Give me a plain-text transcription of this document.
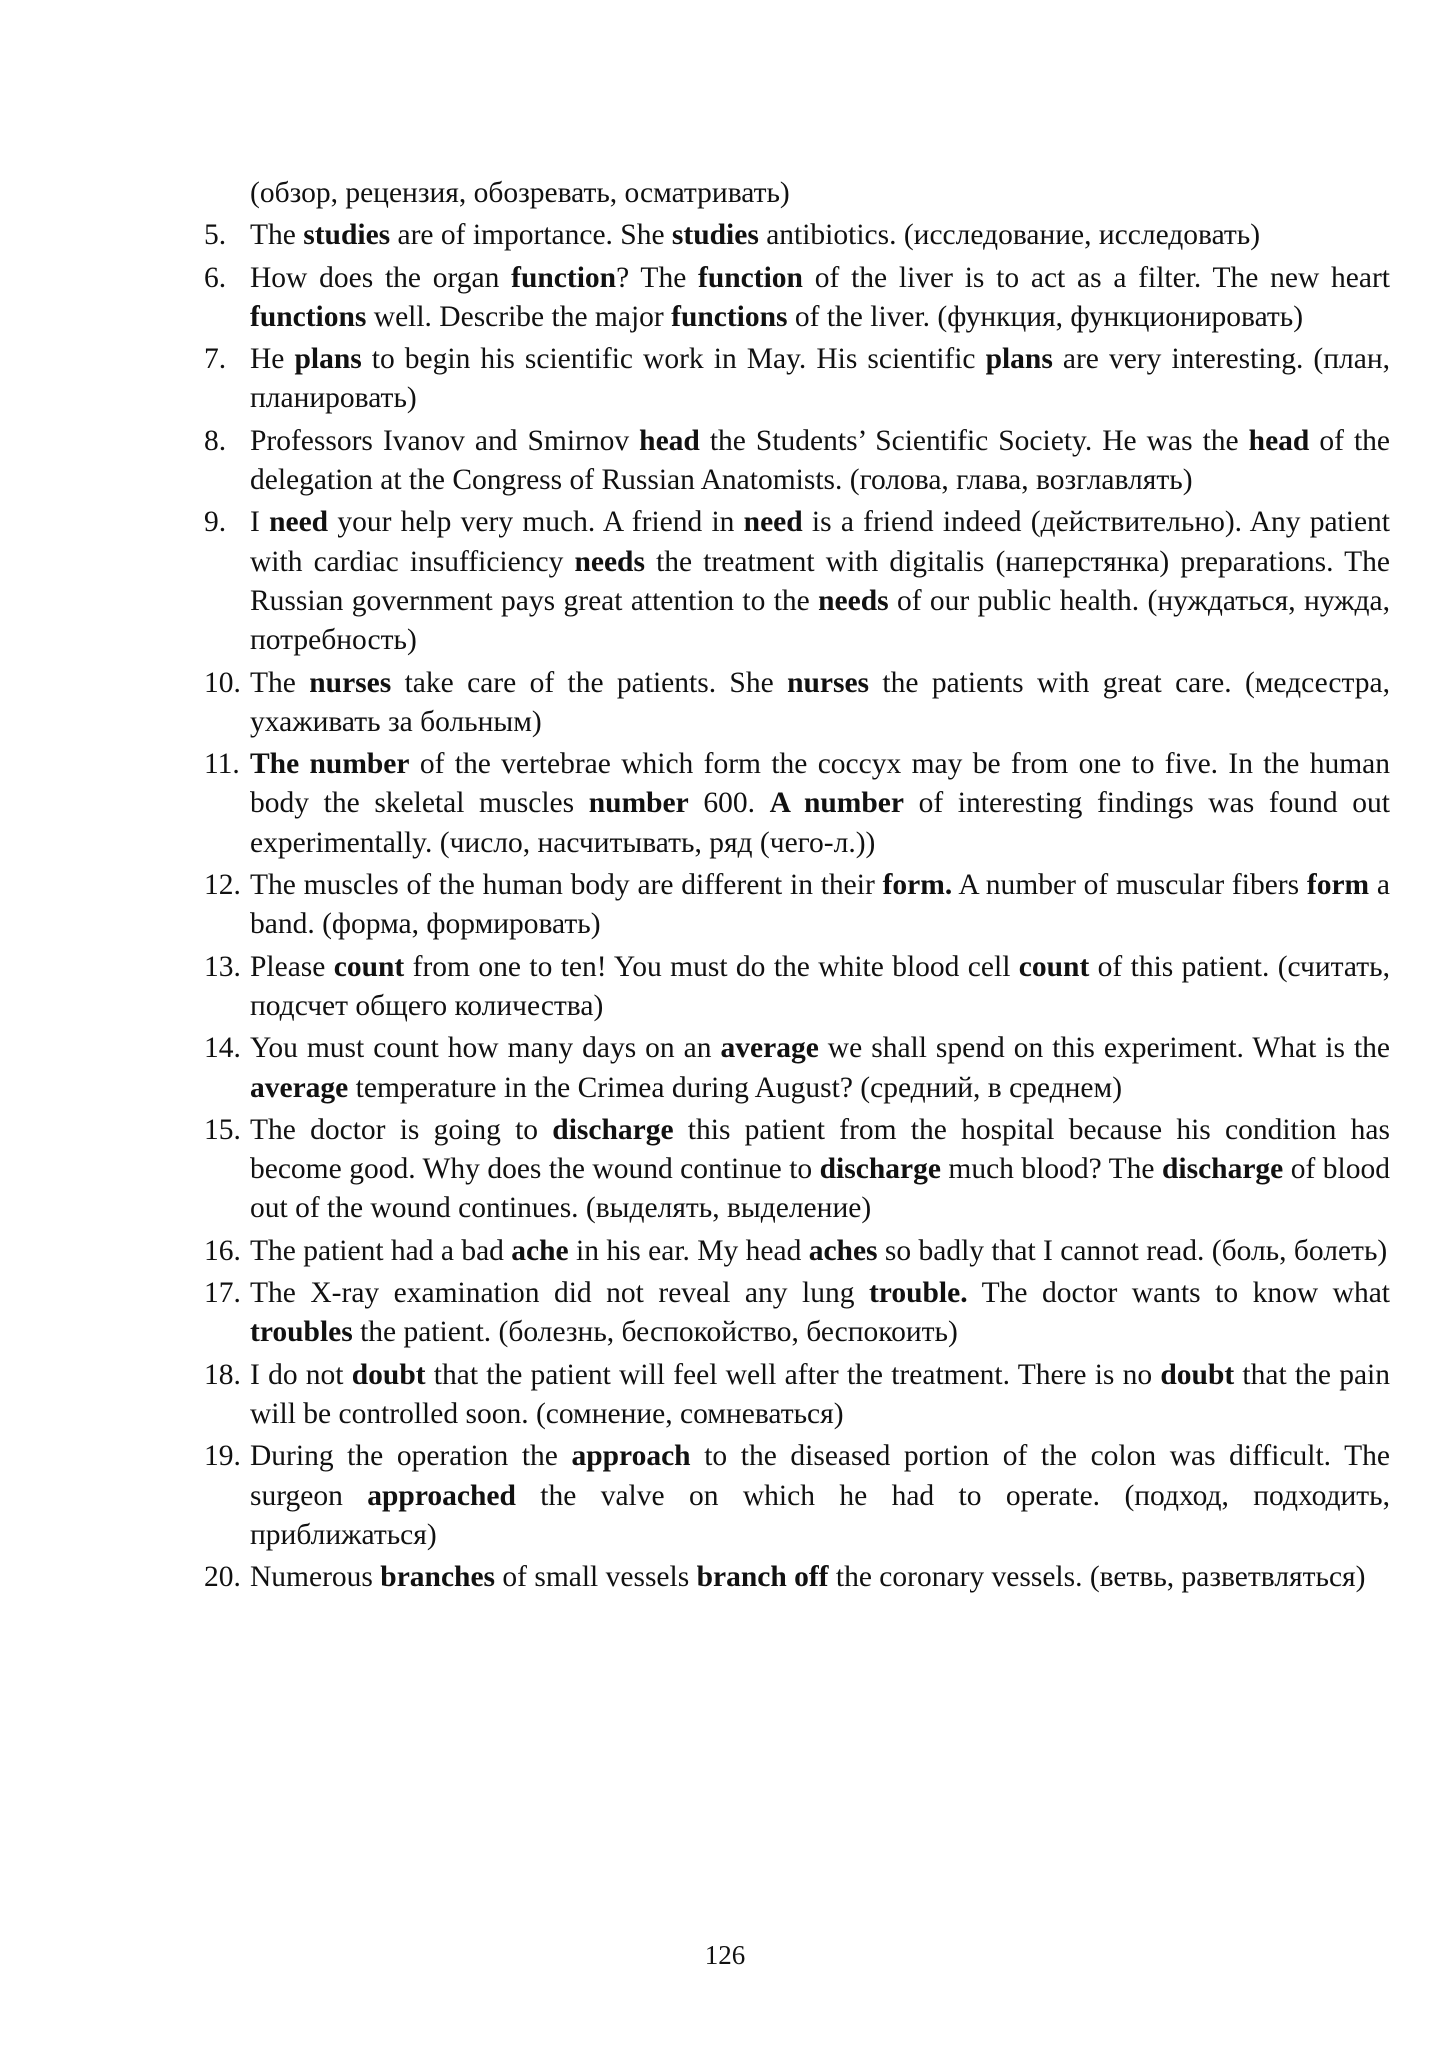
(обзор, рецензия, обозревать, осматривать)
5. The studies are of importance. She studies antibiotics. (исследование, исследовать)
6. How does the organ function? The function of the liver is to act as a filter. The new heart functions well. Describe the major functions of the liver. (функция, функционировать)
7. He plans to begin his scientific work in May. His scientific plans are very interesting. (план, планировать)
8. Professors Ivanov and Smirnov head the Students’ Scientific Society. He was the head of the delegation at the Congress of Russian Anatomists. (голова, глава, возглавлять)
9. I need your help very much. A friend in need is a friend indeed (действительно). Any patient with cardiac insufficiency needs the treatment with digitalis (наперстянка) preparations. The Russian government pays great attention to the needs of our public health. (нуждаться, нужда, потребность)
10. The nurses take care of the patients. She nurses the patients with great care. (медсестра, ухаживать за больным)
11. The number of the vertebrae which form the coccyx may be from one to five. In the human body the skeletal muscles number 600. A number of interesting findings was found out experimentally. (число, насчитывать, ряд (чего-л.))
12. The muscles of the human body are different in their form. A number of muscular fibers form a band. (форма, формировать)
13. Please count from one to ten! You must do the white blood cell count of this patient. (считать, подсчет общего количества)
14. You must count how many days on an average we shall spend on this experiment. What is the average temperature in the Crimea during August? (средний, в среднем)
15. The doctor is going to discharge this patient from the hospital because his condition has become good. Why does the wound continue to discharge much blood? The discharge of blood out of the wound continues. (выделять, выделение)
16. The patient had a bad ache in his ear. My head aches so badly that I cannot read. (боль, болеть)
17. The X-ray examination did not reveal any lung trouble. The doctor wants to know what troubles the patient. (болезнь, беспокойство, беспокоить)
18. I do not doubt that the patient will feel well after the treatment. There is no doubt that the pain will be controlled soon. (сомнение, сомневаться)
19. During the operation the approach to the diseased portion of the colon was difficult. The surgeon approached the valve on which he had to operate. (подход, подходить, приближаться)
20. Numerous branches of small vessels branch off the coronary vessels. (ветвь, разветвляться)
126
